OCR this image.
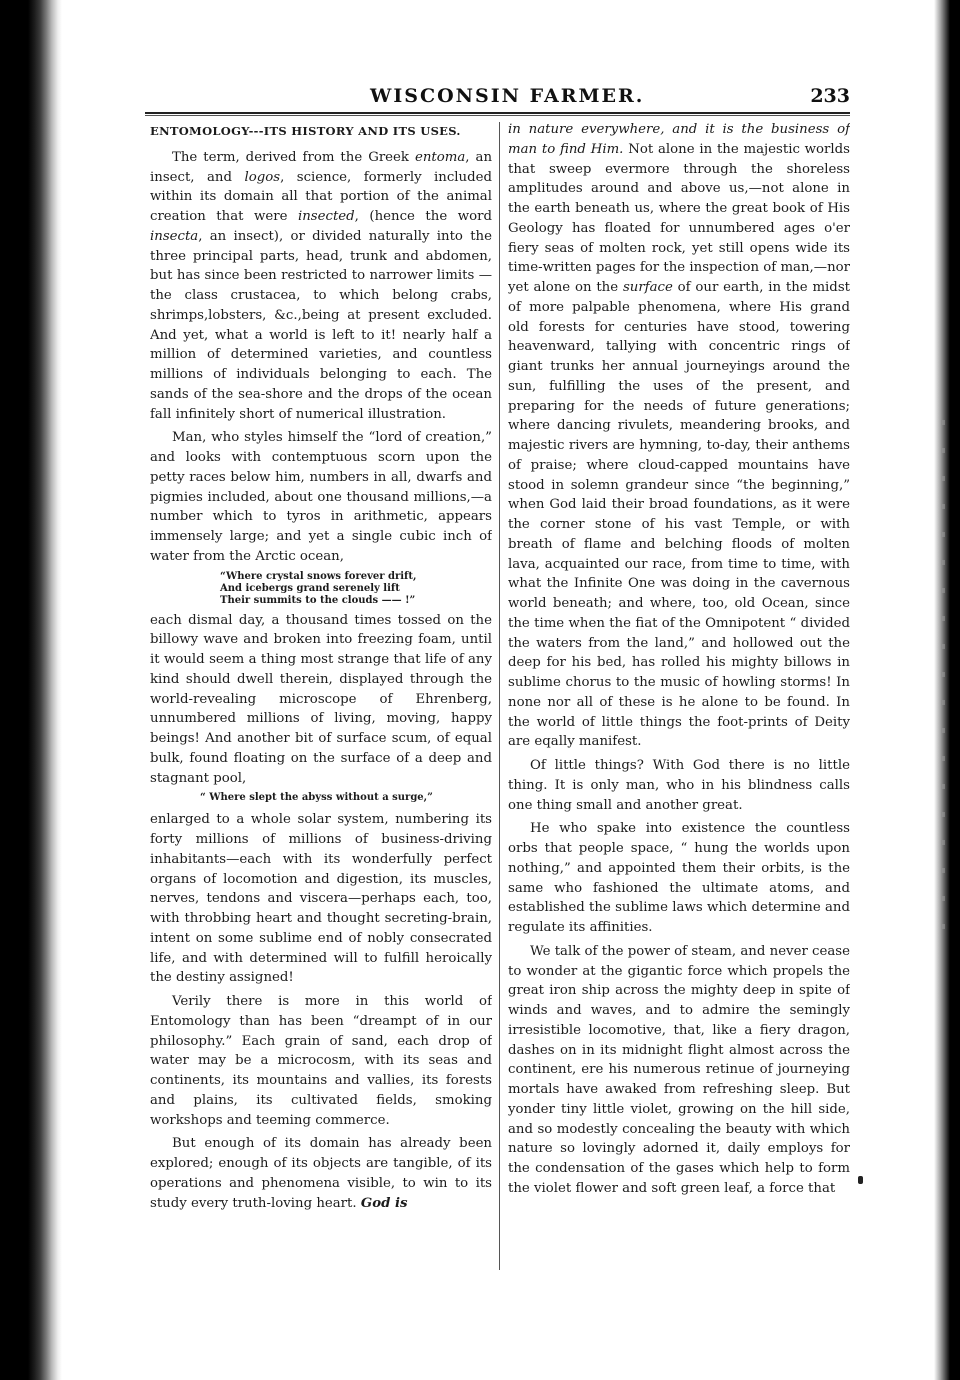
WISCONSIN FARMER.	233
ENTOMOLOGY---ITS HISTORY AND ITS USES.

The term, derived from the Greek entoma, an insect, and logos, science, formerly included within its domain all that portion of the animal creation that were insected, (hence the word insecta, an insect), or divided naturally into the three principal parts, head, trunk and abdomen, but has since been restricted to narrower limits —the class crustacea, to which belong crabs, shrimps,lobsters, &c.,being at present excluded. And yet, what a world is left to it! nearly half a million of determined varieties, and countless millions of individuals belonging to each. The sands of the sea-shore and the drops of the ocean fall infinitely short of numerical illustration.

Man, who styles himself the “lord of creation,” and looks with contemptuous scorn upon the petty races below him, numbers in all, dwarfs and pigmies included, about one thousand millions,—a number which to tyros in arithmetic, appears immensely large; and yet a single cubic inch of water from the Arctic ocean,

“Where crystal snows forever drift,
And icebergs grand serenely lift
Their summits to the clouds —— !”

each dismal day, a thousand times tossed on the billowy wave and broken into freezing foam, until it would seem a thing most strange that life of any kind should dwell therein, displayed through the world-revealing microscope of Ehrenberg, unnumbered millions of living, moving, happy beings! And another bit of surface scum, of equal bulk, found floating on the surface of a deep and stagnant pool,

“ Where slept the abyss without a surge,”

enlarged to a whole solar system, numbering its forty millions of millions of business-driving inhabitants—each with its wonderfully perfect organs of locomotion and digestion, its muscles, nerves, tendons and viscera—perhaps each, too, with throbbing heart and thought secreting-brain, intent on some sublime end of nobly consecrated life, and with determined will to fulfill heroically the destiny assigned!

Verily there is more in this world of Entomology than has been “dreampt of in our philosophy.” Each grain of sand, each drop of water may be a microcosm, with its seas and continents, its mountains and vallies, its forests and plains, its cultivated fields, smoking workshops and teeming commerce.

But enough of its domain has already been explored; enough of its objects are tangible, of its operations and phenomena visible, to win to its study every truth-loving heart. God is

in nature everywhere, and it is the business of man to find Him. Not alone in the majestic worlds that sweep evermore through the shoreless amplitudes around and above us,—not alone in the earth beneath us, where the great book of His Geology has floated for unnumbered ages o'er fiery seas of molten rock, yet still opens wide its time-written pages for the inspection of man,—nor yet alone on the surface of our earth, in the midst of more palpable phenomena, where His grand old forests for centuries have stood, towering heavenward, tallying with concentric rings of giant trunks her annual journeyings around the sun, fulfilling the uses of the present, and preparing for the needs of future generations; where dancing rivulets, meandering brooks, and majestic rivers are hymning, to-day, their anthems of praise; where cloud-capped mountains have stood in solemn grandeur since “the beginning,” when God laid their broad foundations, as it were the corner stone of his vast Temple, or with breath of flame and belching floods of molten lava, acquainted our race, from time to time, with what the Infinite One was doing in the cavernous world beneath; and where, too, old Ocean, since the time when the fiat of the Omnipotent “ divided the waters from the land,” and hollowed out the deep for his bed, has rolled his mighty billows in sublime chorus to the music of howling storms! In none nor all of these is he alone to be found. In the world of little things the foot-prints of Deity are eqally manifest.

Of little things? With God there is no little thing. It is only man, who in his blindness calls one thing small and another great.

He who spake into existence the countless orbs that people space, “ hung the worlds upon nothing,” and appointed them their orbits, is the same who fashioned the ultimate atoms, and established the sublime laws which determine and regulate its affinities.

We talk of the power of steam, and never cease to wonder at the gigantic force which propels the great iron ship across the mighty deep in spite of winds and waves, and to admire the semingly irresistible locomotive, that, like a fiery dragon, dashes on in its midnight flight almost across the continent, ere his numerous retinue of journeying mortals have awaked from refreshing sleep. But yonder tiny little violet, growing on the hill side, and so modestly concealing the beauty with which nature so lovingly adorned it, daily employs for the condensation of the gases which help to form the violet flower and soft green leaf, a force that
